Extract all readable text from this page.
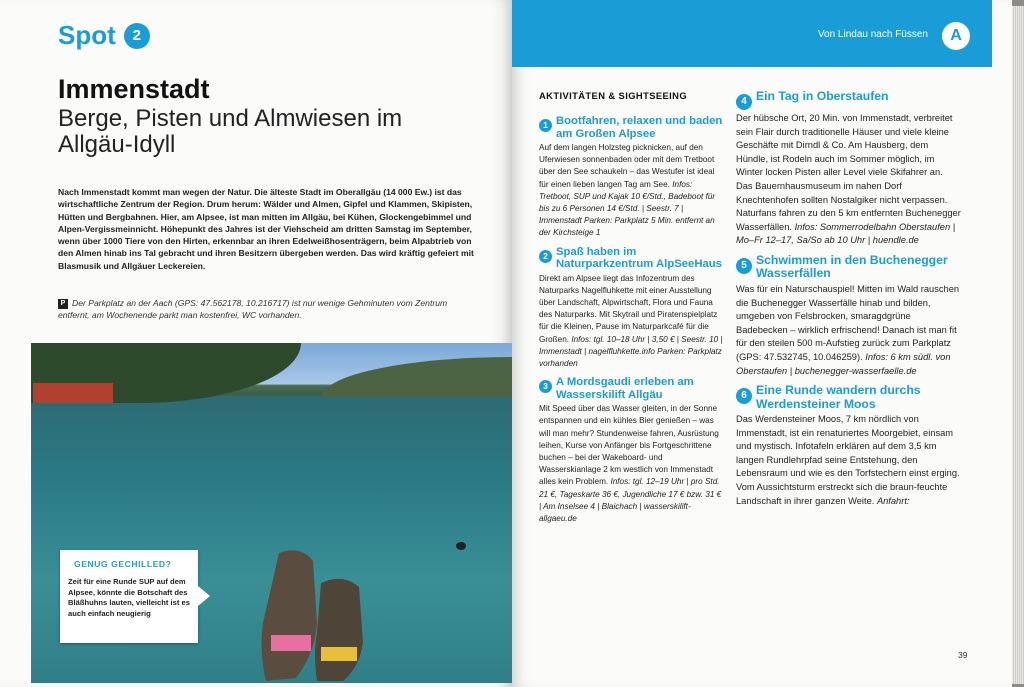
Spot	2
Immenstadt
Berge, Pisten und Almwiesen im Allgäu-Idyll
Nach Immenstadt kommt man wegen der Natur. Die älteste Stadt im Oberallgäu (14 000 Ew.) ist das wirtschaftliche Zentrum der Region. Drum herum: Wälder und Almen, Gipfel und Klammen, Skipisten, Hütten und Bergbahnen. Hier, am Alpsee, ist man mitten im Allgäu, bei Kühen, Glockengebimmel und Alpen-Vergissmeinnicht. Höhepunkt des Jahres ist der Viehscheid am dritten Samstag im September, wenn über 1000 Tiere von den Hirten, erkennbar an ihren Edelweißhosenträgern, beim Alpabtrieb von den Almen hinab ins Tal gebracht und ihren Besitzern übergeben werden. Das wird kräftig gefeiert mit Blasmusik und Allgäuer Leckereien.
P Der Parkplatz an der Aach (GPS: 47.562178, 10.216717) ist nur wenige Gehminuten vom Zentrum entfernt, am Wochenende parkt man kostenfrei, WC vorhanden.
GENUG GECHILLED?
Zeit für eine Runde SUP auf dem Alpsee, könnte die Botschaft des Bläßhuhns lauten, vielleicht ist es auch einfach neugierig
Von Lindau nach Füssen	A
AKTIVITÄTEN & SIGHTSEEING
1 Bootfahren, relaxen und baden am Großen Alpsee
Auf dem langen Holzsteg picknicken, auf den Uferwiesen sonnenbaden oder mit dem Tretboot über den See schaukeln – das Westufer ist ideal für einen lieben langen Tag am See. Infos: Tretboot, SUP und Kajak 10 €/Std., Badeboot für bis zu 6 Personen 14 €/Std. | Seestr. 7 | Immenstadt Parken: Parkplatz 5 Min. entfernt an der Kirchsteige 1
2 Spaß haben im Naturparkzentrum AlpSeeHaus
Direkt am Alpsee liegt das Infozentrum des Naturparks Nagelfluhkette mit einer Ausstellung über Landschaft, Alpwirtschaft, Flora und Fauna des Naturparks. Mit Skytrail und Piratenspielplatz für die Kleinen, Pause im Naturparkcafé für die Großen. Infos: tgl. 10–18 Uhr | 3,50 € | Seestr. 10 | Immenstadt | nagelfluhkette.info Parken: Parkplatz vorhanden
3 A Mordsgaudi erleben am Wasserskilift Allgäu
Mit Speed über das Wasser gleiten, in der Sonne entspannen und ein kühles Bier genießen – was will man mehr? Stundenweise fahren, Ausrüstung leihen, Kurse von Anfänger bis Fortgeschrittene buchen – bei der Wakeboard- und Wasserskianlage 2 km westlich von Immenstadt alles kein Problem. Infos: tgl. 12–19 Uhr | pro Std. 21 €, Tageskarte 36 €, Jugendliche 17 € bzw. 31 € | Am Inselsee 4 | Blaichach | wasserskilift-allgaeu.de
4 Ein Tag in Oberstaufen
Der hübsche Ort, 20 Min. von Immenstadt, verbreitet sein Flair durch traditionelle Häuser und viele kleine Geschäfte mit Dirndl & Co. Am Hausberg, dem Hündle, ist Rodeln auch im Sommer möglich, im Winter locken Pisten aller Level viele Skifahrer an. Das Bauernhausmuseum im nahen Dorf Knechtenhofen sollten Nostalgiker nicht verpassen. Naturfans fahren zu den 5 km entfernten Buchenegger Wasserfällen. Infos: Sommerrodelbahn Oberstaufen | Mo–Fr 12–17, Sa/So ab 10 Uhr | huendle.de
5 Schwimmen in den Buchenegger Wasserfällen
Was für ein Naturschauspiel! Mitten im Wald rauschen die Buchenegger Wasserfälle hinab und bilden, umgeben von Felsbrocken, smaragdgrüne Badebecken – wirklich erfrischend! Danach ist man fit für den steilen 500 m-Aufstieg zurück zum Parkplatz (GPS: 47.532745, 10.046259). Infos: 6 km südl. von Oberstaufen | buchenegger-wasserfaelle.de
6 Eine Runde wandern durchs Werdensteiner Moos
Das Werdensteiner Moos, 7 km nördlich von Immenstadt, ist ein renaturiertes Moorgebiet, einsam und mystisch. Infotafeln erklären auf dem 3,5 km langen Rundlehrpfad seine Entstehung, den Lebensraum und wie es den Torfstechern einst erging. Vom Aussichtsturm erstreckt sich die braun-feuchte Landschaft in ihrer ganzen Weite. Anfahrt:
39
